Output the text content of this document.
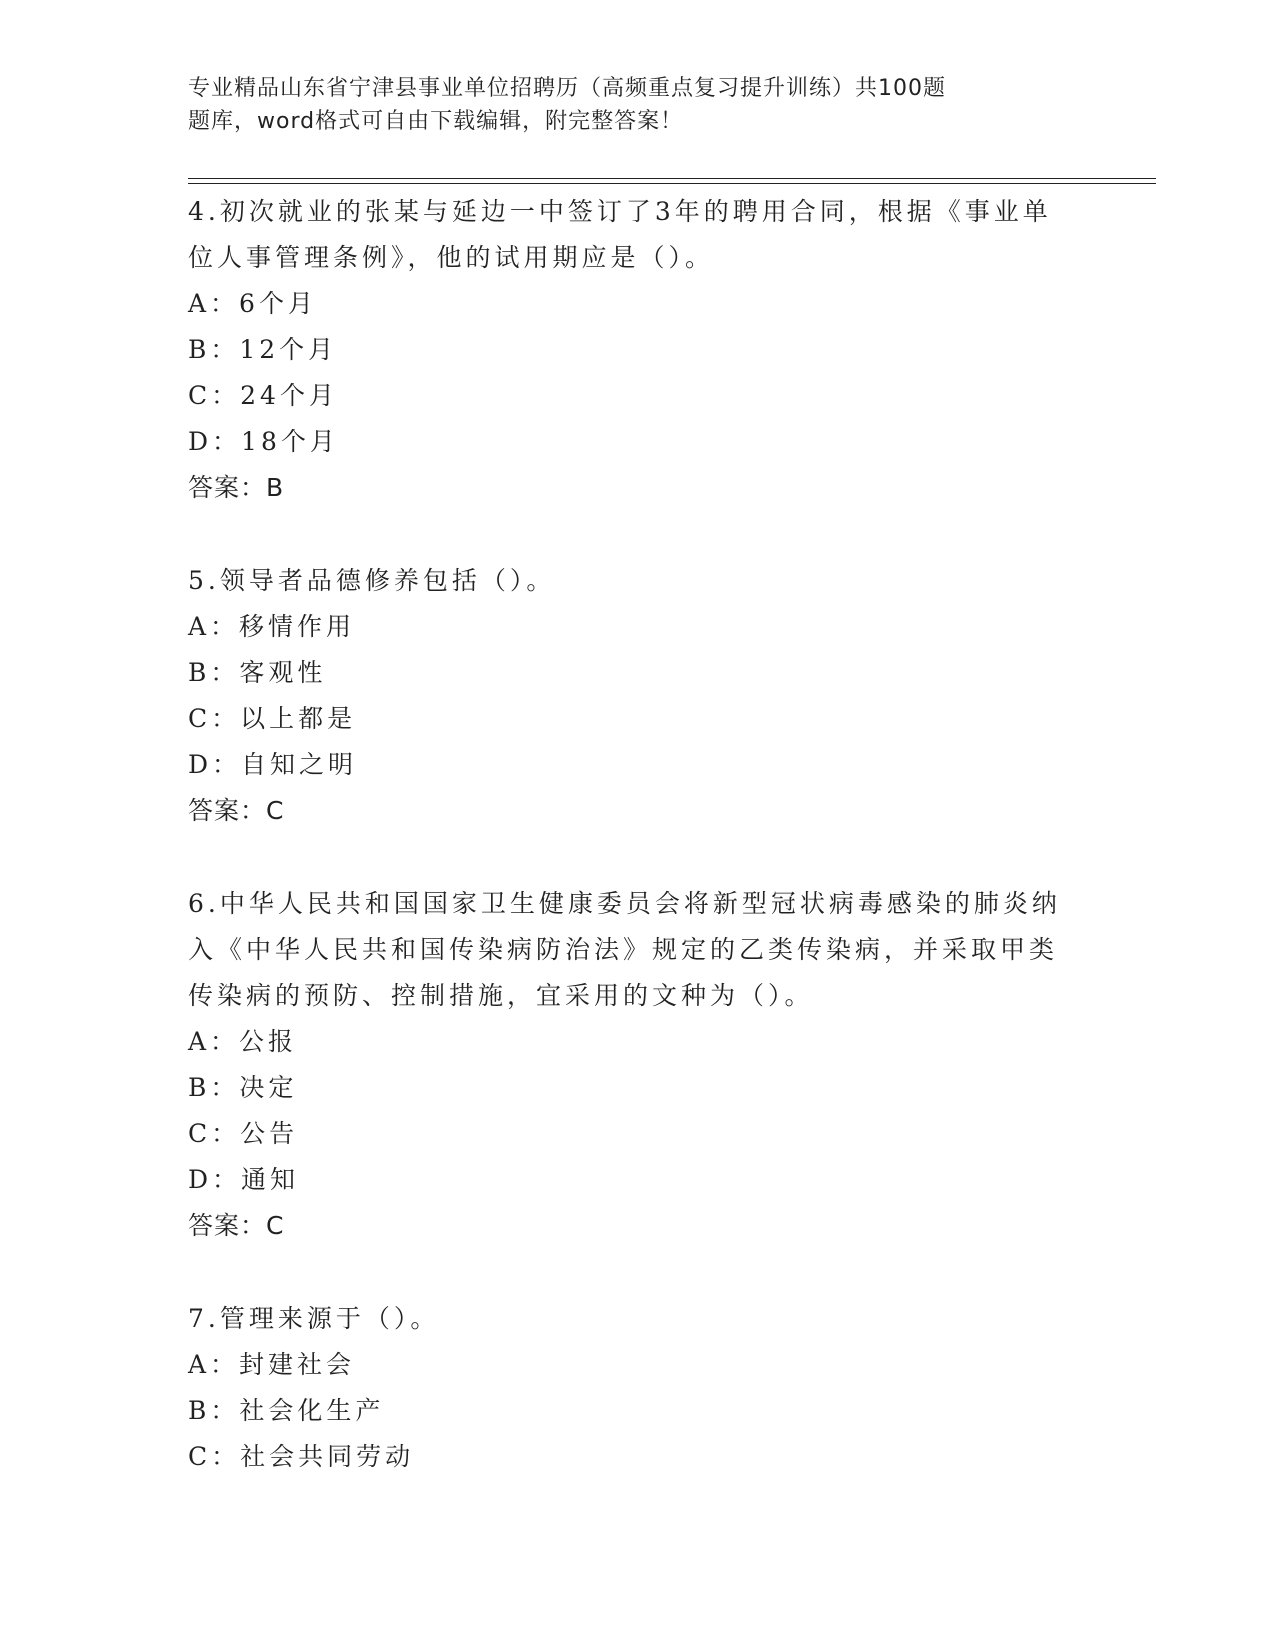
专业精品山东省宁津县事业单位招聘历（高频重点复习提升训练）共100题
题库，word格式可自由下载编辑，附完整答案！
4.初次就业的张某与延边一中签订了3年的聘用合同，根据《事业单
位人事管理条例》，他的试用期应是（）。
A：6个月
B：12个月
C：24个月
D：18个月
答案：B
5.领导者品德修养包括（）。
A：移情作用
B：客观性
C：以上都是
D：自知之明
答案：C
6.中华人民共和国国家卫生健康委员会将新型冠状病毒感染的肺炎纳
入《中华人民共和国传染病防治法》规定的乙类传染病，并采取甲类
传染病的预防、控制措施，宜采用的文种为（）。
A：公报
B：决定
C：公告
D：通知
答案：C
7.管理来源于（）。
A：封建社会
B：社会化生产
C：社会共同劳动
